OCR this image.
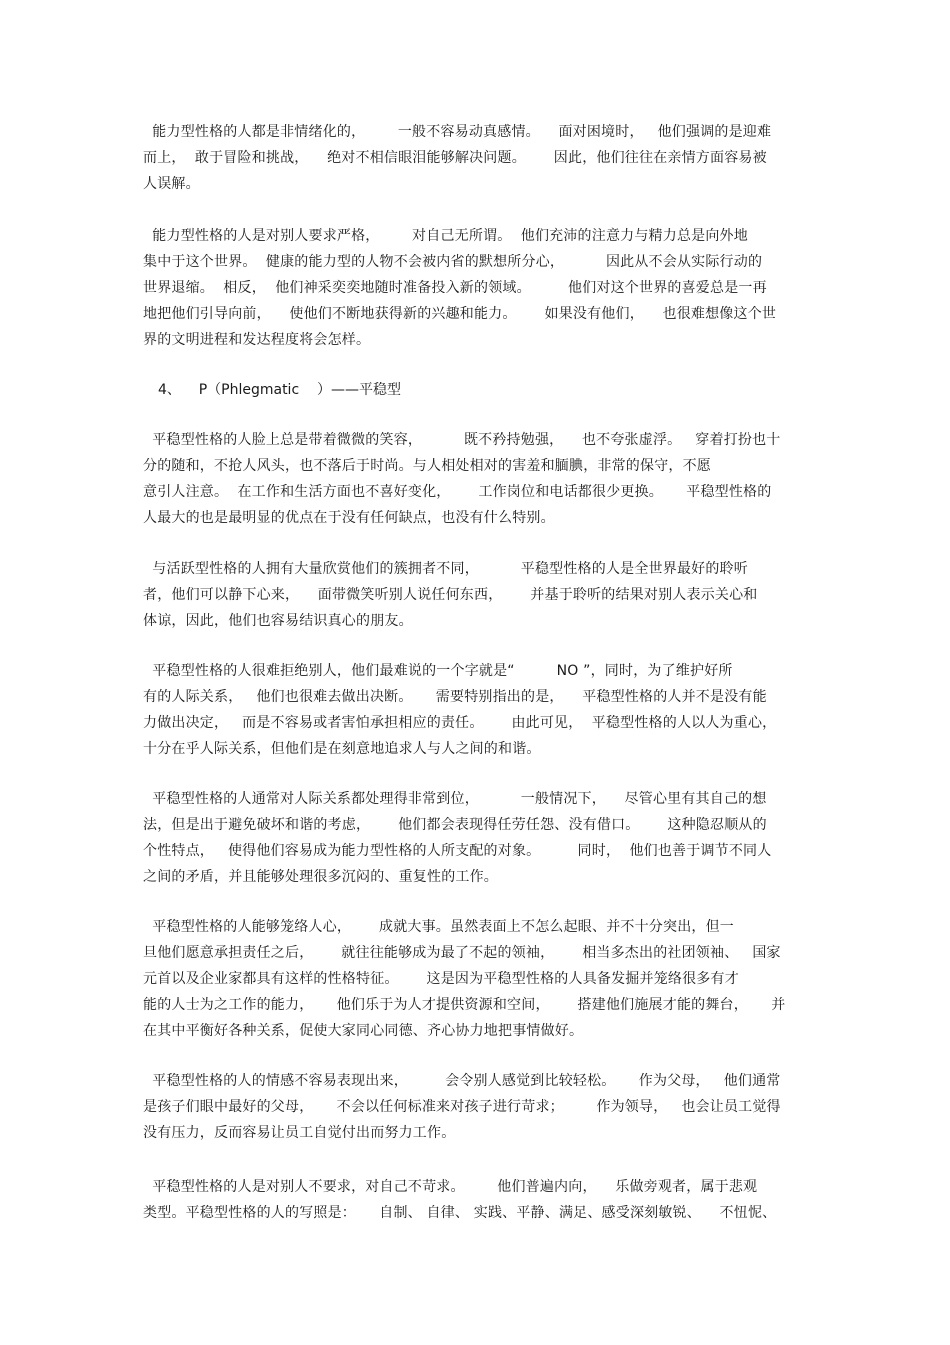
能力型性格的人都是非情绪化的，       一般不容易动真感情。    面对困境时，   他们强调的是迎难
而上，  敢于冒险和挑战，    绝对不相信眼泪能够解决问题。      因此，他们往往在亲情方面容易被
人误解。
能力型性格的人是对别人要求严格，       对自己无所谓。  他们充沛的注意力与精力总是向外地
集中于这个世界。  健康的能力型的人物不会被内省的默想所分心，         因此从不会从实际行动的
世界退缩。  相反，  他们神采奕奕地随时准备投入新的领域。        他们对这个世界的喜爱总是一再
地把他们引导向前，    使他们不断地获得新的兴趣和能力。      如果没有他们，    也很难想像这个世
界的文明进程和发达程度将会怎样。
4、    P（Phlegmatic    ）——平稳型
平稳型性格的人脸上总是带着微微的笑容，         既不矜持勉强，    也不夸张虚浮。   穿着打扮也十
分的随和，不抢人风头，也不落后于时尚。与人相处相对的害羞和腼腆，非常的保守，不愿
意引人注意。  在工作和生活方面也不喜好变化，      工作岗位和电话都很少更换。     平稳型性格的
人最大的也是最明显的优点在于没有任何缺点，也没有什么特别。
与活跃型性格的人拥有大量欣赏他们的簇拥者不同，         平稳型性格的人是全世界最好的聆听
者，他们可以静下心来，    面带微笑听别人说任何东西，      并基于聆听的结果对别人表示关心和
体谅，因此，他们也容易结识真心的朋友。
平稳型性格的人很难拒绝别人，他们最难说的一个字就是“         NO ”，同时，为了维护好所
有的人际关系，   他们也很难去做出决断。     需要特别指出的是，    平稳型性格的人并不是没有能
力做出决定，   而是不容易或者害怕承担相应的责任。      由此可见，  平稳型性格的人以人为重心，
十分在乎人际关系，但他们是在刻意地追求人与人之间的和谐。
平稳型性格的人通常对人际关系都处理得非常到位，         一般情况下，    尽管心里有其自己的想
法，但是出于避免破坏和谐的考虑，      他们都会表现得任劳任怨、没有借口。      这种隐忍顺从的
个性特点，   使得他们容易成为能力型性格的人所支配的对象。        同时，  他们也善于调节不同人
之间的矛盾，并且能够处理很多沉闷的、重复性的工作。
平稳型性格的人能够笼络人心，      成就大事。虽然表面上不怎么起眼、并不十分突出，但一
旦他们愿意承担责任之后，      就往往能够成为最了不起的领袖，      相当多杰出的社团领袖、   国家
元首以及企业家都具有这样的性格特征。      这是因为平稳型性格的人具备发掘并笼络很多有才
能的人士为之工作的能力，     他们乐于为人才提供资源和空间，      搭建他们施展才能的舞台，     并
在其中平衡好各种关系，促使大家同心同德、齐心协力地把事情做好。
平稳型性格的人的情感不容易表现出来，        会令别人感觉到比较轻松。     作为父母，   他们通常
是孩子们眼中最好的父母，     不会以任何标准来对孩子进行苛求；       作为领导，   也会让员工觉得
没有压力，反而容易让员工自觉付出而努力工作。
平稳型性格的人是对别人不要求，对自己不苛求。       他们普遍内向，    乐做旁观者，属于悲观
类型。平稳型性格的人的写照是：     自制、 自律、 实践、平静、满足、感受深刻敏锐、    不忸怩、
